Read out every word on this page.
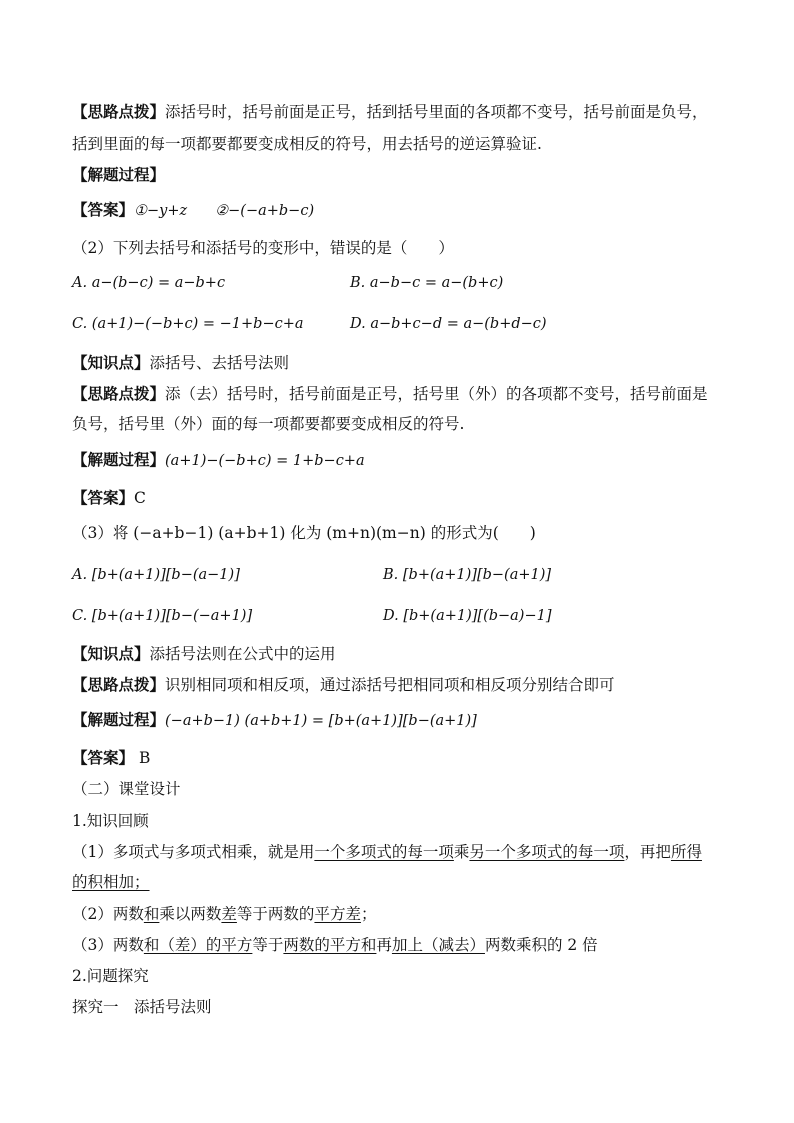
【思路点拨】添括号时，括号前面是正号，括到括号里面的各项都不变号，括号前面是负号，
括到里面的每一项都要都要变成相反的符号，用去括号的逆运算验证.
【解题过程】
【答案】①−y+z ②−(−a+b−c)
（2）下列去括号和添括号的变形中，错误的是（　　）
A. a−(b−c) = a−b+c	B. a−b−c = a−(b+c)
C. (a+1)−(−b+c) = −1+b−c+a	D. a−b+c−d = a−(b+d−c)
【知识点】添括号、去括号法则
【思路点拨】添（去）括号时，括号前面是正号，括号里（外）的各项都不变号，括号前面是
负号，括号里（外）面的每一项都要都要变成相反的符号.
【解题过程】(a+1)−(−b+c) = 1+b−c+a
【答案】C
（3）将 (−a+b−1) (a+b+1) 化为 (m+n)(m−n) 的形式为(　　)
A. [b+(a+1)][b−(a−1)]	B. [b+(a+1)][b−(a+1)]
C. [b+(a+1)][b−(−a+1)]	D. [b+(a+1)][(b−a)−1]
【知识点】添括号法则在公式中的运用
【思路点拨】识别相同项和相反项，通过添括号把相同项和相反项分别结合即可
【解题过程】(−a+b−1) (a+b+1) = [b+(a+1)][b−(a+1)]
【答案】 B
（二）课堂设计
1.知识回顾
（1）多项式与多项式相乘，就是用一个多项式的每一项乘另一个多项式的每一项，再把所得
的积相加；
（2）两数和乘以两数差等于两数的平方差；
（3）两数和（差）的平方等于两数的平方和再加上（减去）两数乘积的 2 倍
2.问题探究
探究一　添括号法则
